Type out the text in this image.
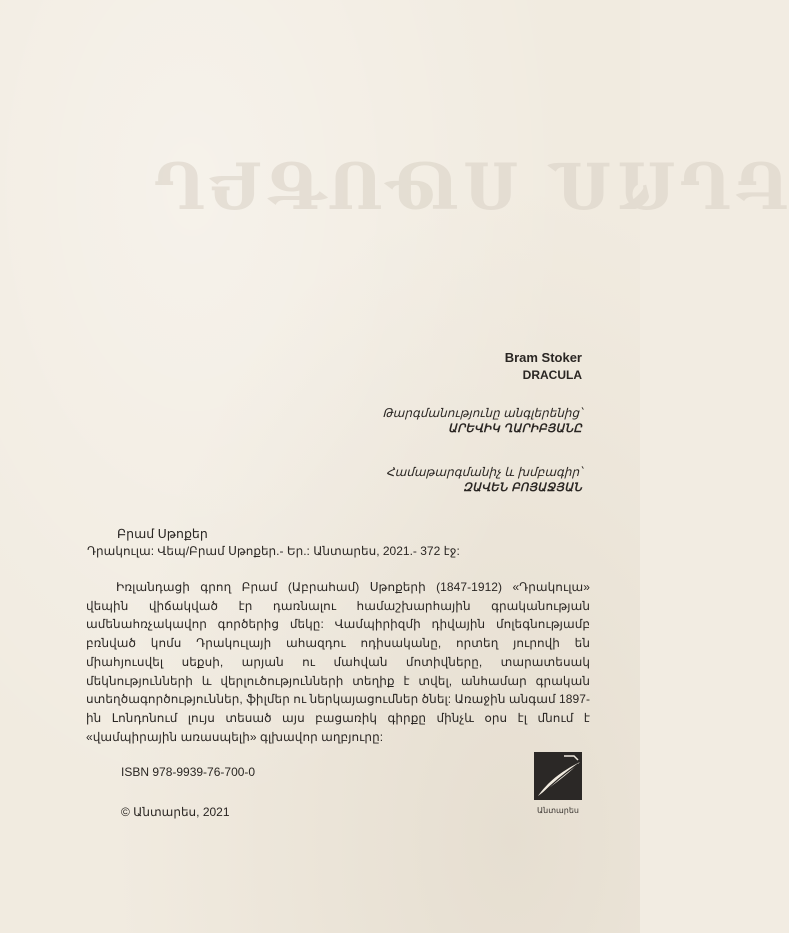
ԲՐԱՄ ՍԹՈՔԵՐ

Bram Stoker

DRACULA

Թարգմանությունը անգլերենից՝

ԱՐԵՎԻԿ ՂԱՐԻԲՅԱՆԸ

Համաթարգմանիչ և խմբագիր՝

ԶԱՎԵՆ ԲՈՅԱՋՅԱՆ

Բրամ Սթոքեր

Դրակուլա: Վեպ/Բրամ Սթոքեր.- Եր.: Անտարես, 2021.- 372 էջ:

Իռլանդացի գրող Բրամ (Աբրահամ) Սթոքերի (1847-1912) «Դրակուլա» վեպին վիճակված էր դառնալու համաշխարհային գրականության ամենահռչակավոր գործերից մեկը: Վամպիրիզմի դիվային մոլեգնությամբ բռնված կոմս Դրակուլայի ահազդու ոդիսականը, որտեղ յուրովի են միահյուսվել սեքսի, արյան ու մահվան մոտիվները, տարատեսակ մեկնությունների և վերլուծությունների տեղիք է տվել, անհամար գրական ստեղծագործություններ, ֆիլմեր ու ներկայացումներ ծնել: Առաջին անգամ 1897-ին Լոնդոնում լույս տեսած այս բացառիկ գիրքը մինչև օրս էլ մնում է «վամպիրային առասպելի» գլխավոր աղբյուրը:

ISBN 978-9939-76-700-0

© Անտարես, 2021	Անտարես
